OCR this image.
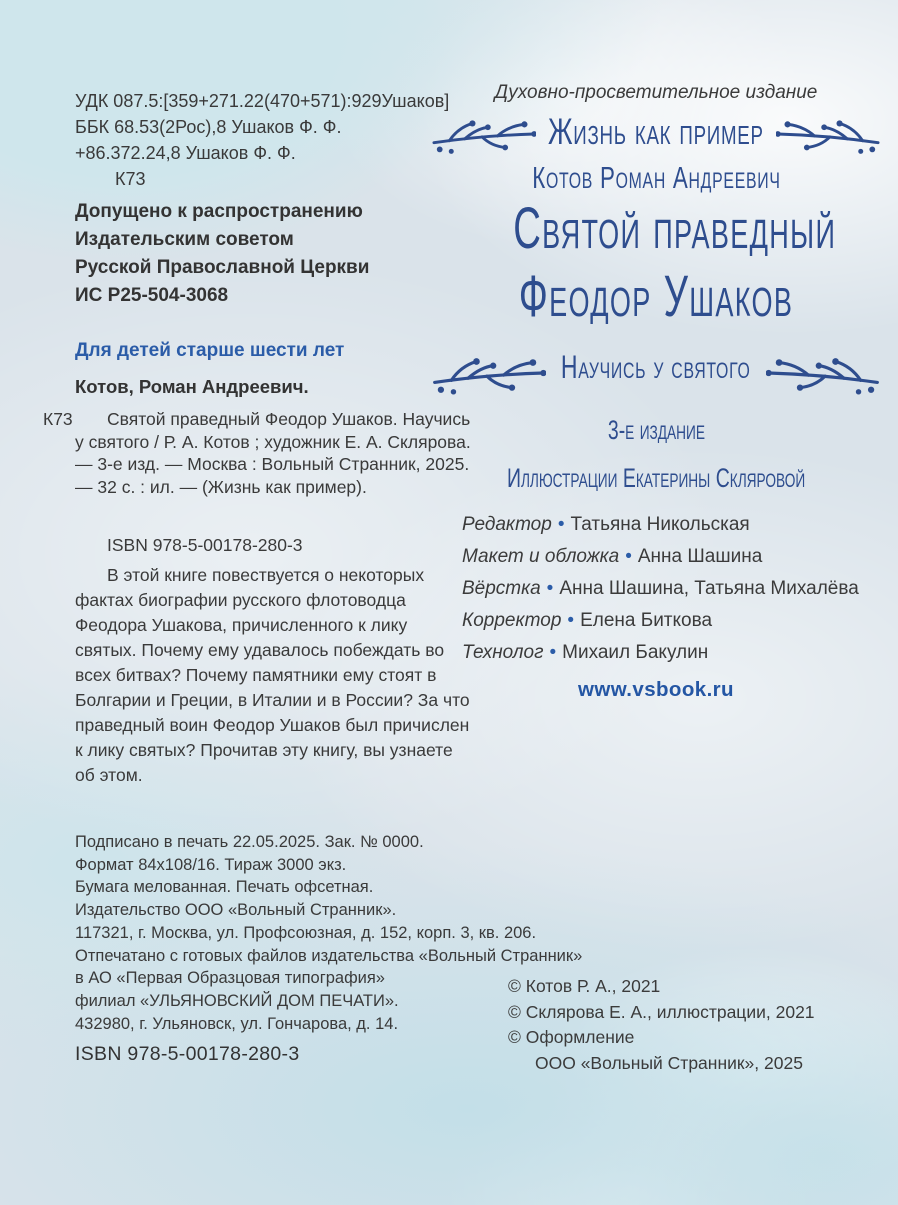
УДК 087.5:[359+271.22(470+571):929Ушаков]
ББК 68.53(2Рос),8 Ушаков Ф. Ф.
+86.372.24,8 Ушаков Ф. Ф.
К73
Допущено к распространению
Издательским советом
Русской Православной Церкви
ИС Р25-504-3068
Для детей старше шести лет
Котов, Роман Андреевич.
К73 Святой праведный Феодор Ушаков. Научись у святого / Р. А. Котов ; художник Е. А. Склярова. — 3-е изд. — Москва : Вольный Странник, 2025. — 32 с. : ил. — (Жизнь как пример).
ISBN 978-5-00178-280-3
В этой книге повествуется о некоторых фактах биографии русского флотоводца Феодора Ушакова, причисленного к лику святых. Почему ему удавалось побеждать во всех битвах? Почему памятники ему стоят в Болгарии и Греции, в Италии и в России? За что праведный воин Феодор Ушаков был причислен к лику святых? Прочитав эту книгу, вы узнаете об этом.
Подписано в печать 22.05.2025. Зак. № 0000.
Формат 84х108/16. Тираж 3000 экз.
Бумага мелованная. Печать офсетная.
Издательство ООО «Вольный Странник».
117321, г. Москва, ул. Профсоюзная, д. 152, корп. 3, кв. 206.
Отпечатано с готовых файлов издательства «Вольный Странник»
в АО «Первая Образцовая типография»
филиал «УЛЬЯНОВСКИЙ ДОМ ПЕЧАТИ».
432980, г. Ульяновск, ул. Гончарова, д. 14.
ISBN 978-5-00178-280-3
Духовно-просветительное издание
Жизнь как пример
Котов Роман Андреевич
Святой праведный
Феодор Ушаков
Научись у святого
3-е издание
Иллюстрации Екатерины Скляровой
Редактор • Татьяна Никольская
Макет и обложка • Анна Шашина
Вёрстка • Анна Шашина, Татьяна Михалёва
Корректор • Елена Биткова
Технолог • Михаил Бакулин
www.vsbook.ru
© Котов Р. А., 2021
© Склярова Е. А., иллюстрации, 2021
© Оформление
ООО «Вольный Странник», 2025
